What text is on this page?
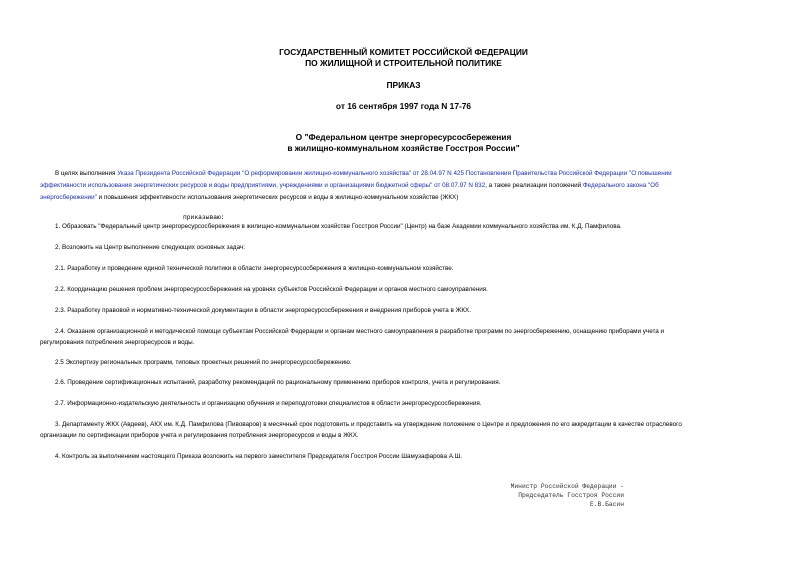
ГОСУДАРСТВЕННЫЙ КОМИТЕТ РОССИЙСКОЙ ФЕДЕРАЦИИ
ПО ЖИЛИЩНОЙ И СТРОИТЕЛЬНОЙ ПОЛИТИКЕ
ПРИКАЗ
от 16 сентября 1997 года N 17-76
О "Федеральном центре энергоресурсосбережения
в жилищно-коммунальном хозяйстве Госстроя России"
В целях выполнения Указа Президента Российской Федерации "О реформировании жилищно-коммунального хозяйства" от 28.04.97 N 425 Постановления Правительства Российской Федерации "О повышении
эффективности использования энергетических ресурсов и воды предприятиями, учреждениями и организациями бюджетной сферы" от 08.07.97 N 832, а также реализации положений Федерального закона "Об
энергосбережении" и повышения эффективности использования энергетических ресурсов и воды в жилищно-коммунальном хозяйстве (ЖКХ)
приказываю:
1. Образовать "Федеральный центр энергоресурсосбережения в жилищно-коммунальном хозяйстве Госстроя России" (Центр) на базе Академии коммунального хозяйства им. К.Д. Памфилова.
2. Возложить на Центр выполнение следующих основных задач:
2.1. Разработку и проведение единой технической политики в области энергоресурсосбережения в жилищно-коммунальном хозяйстве.
2.2. Координацию решения проблем энергоресурсосбережения на уровнях субъектов Российской Федерации и органов местного самоуправления.
2.3. Разработку правовой и нормативно-технической документации в области энергоресурсосбережения и внедрения приборов учета в ЖКХ.
2.4. Оказание организационной и методической помощи субъектам Российской Федерации и органам местного самоуправления в разработке программ по энергосбережению, оснащению приборами учета и
регулирования потребления энергоресурсов и воды.
2.5 Экспертизу региональных программ, типовых проектных решений по энергоресурсосбережению.
2.6. Проведение сертификационных испытаний, разработку рекомендаций по рациональному применению приборов контроля, учета и регулирования.
2.7. Информационно-издательскую деятельность и организацию обучения и переподготовки специалистов в области энергоресурсосбережения.
3. Департаменту ЖКХ (Авдеев), АКХ им. К.Д. Памфилова (Пивоваров) в месячный срок подготовить и представить на утверждение положение о Центре и предложения по его аккредитации в качестве отраслевого
организации по сертификации приборов учета и регулирования потребления энергоресурсов и воды в ЖКХ.
4. Контроль за выполнением настоящего Приказа возложить на первого заместителя Председателя Госстроя России Шамузафарова А.Ш.
Министр Российской Федерации -
Председатель Госстроя России
Е.В.Басин
